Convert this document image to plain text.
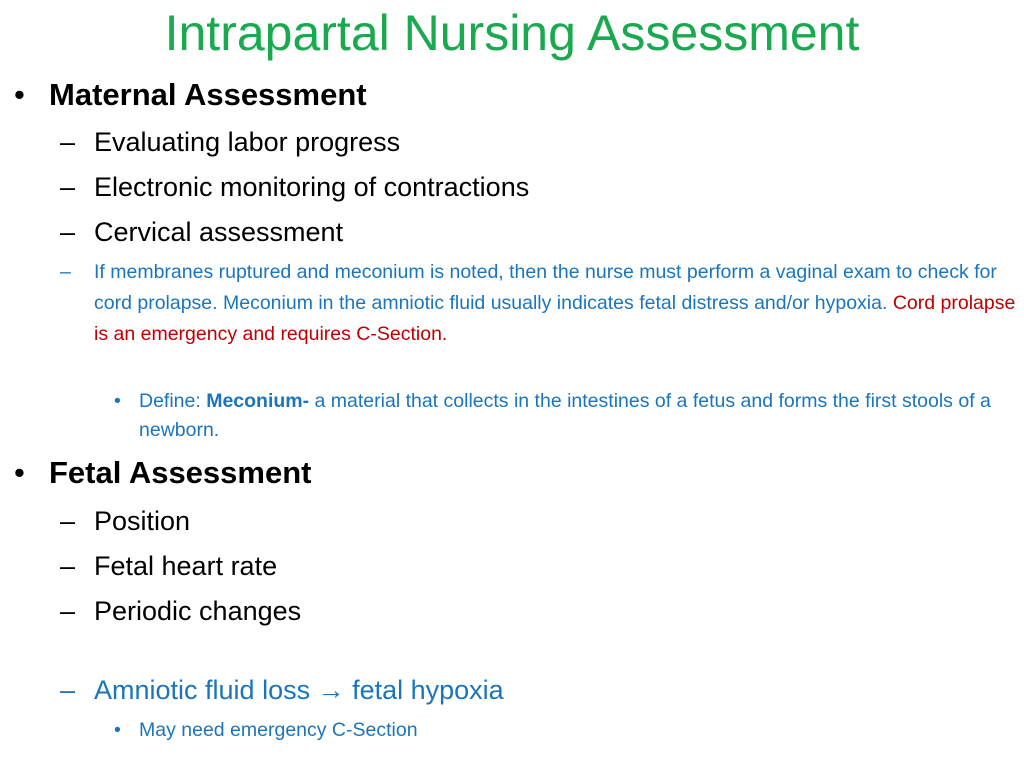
Intrapartal Nursing Assessment
• Maternal Assessment
– Evaluating labor progress
– Electronic monitoring of contractions
– Cervical assessment
– If membranes ruptured and meconium is noted, then the nurse must perform a vaginal exam to check for cord prolapse. Meconium in the amniotic fluid usually indicates fetal distress and/or hypoxia. Cord prolapse is an emergency and requires C-Section.
• Define: Meconium- a material that collects in the intestines of a fetus and forms the first stools of a newborn.
• Fetal Assessment
– Position
– Fetal heart rate
– Periodic changes
– Amniotic fluid loss → fetal hypoxia
• May need emergency C-Section
